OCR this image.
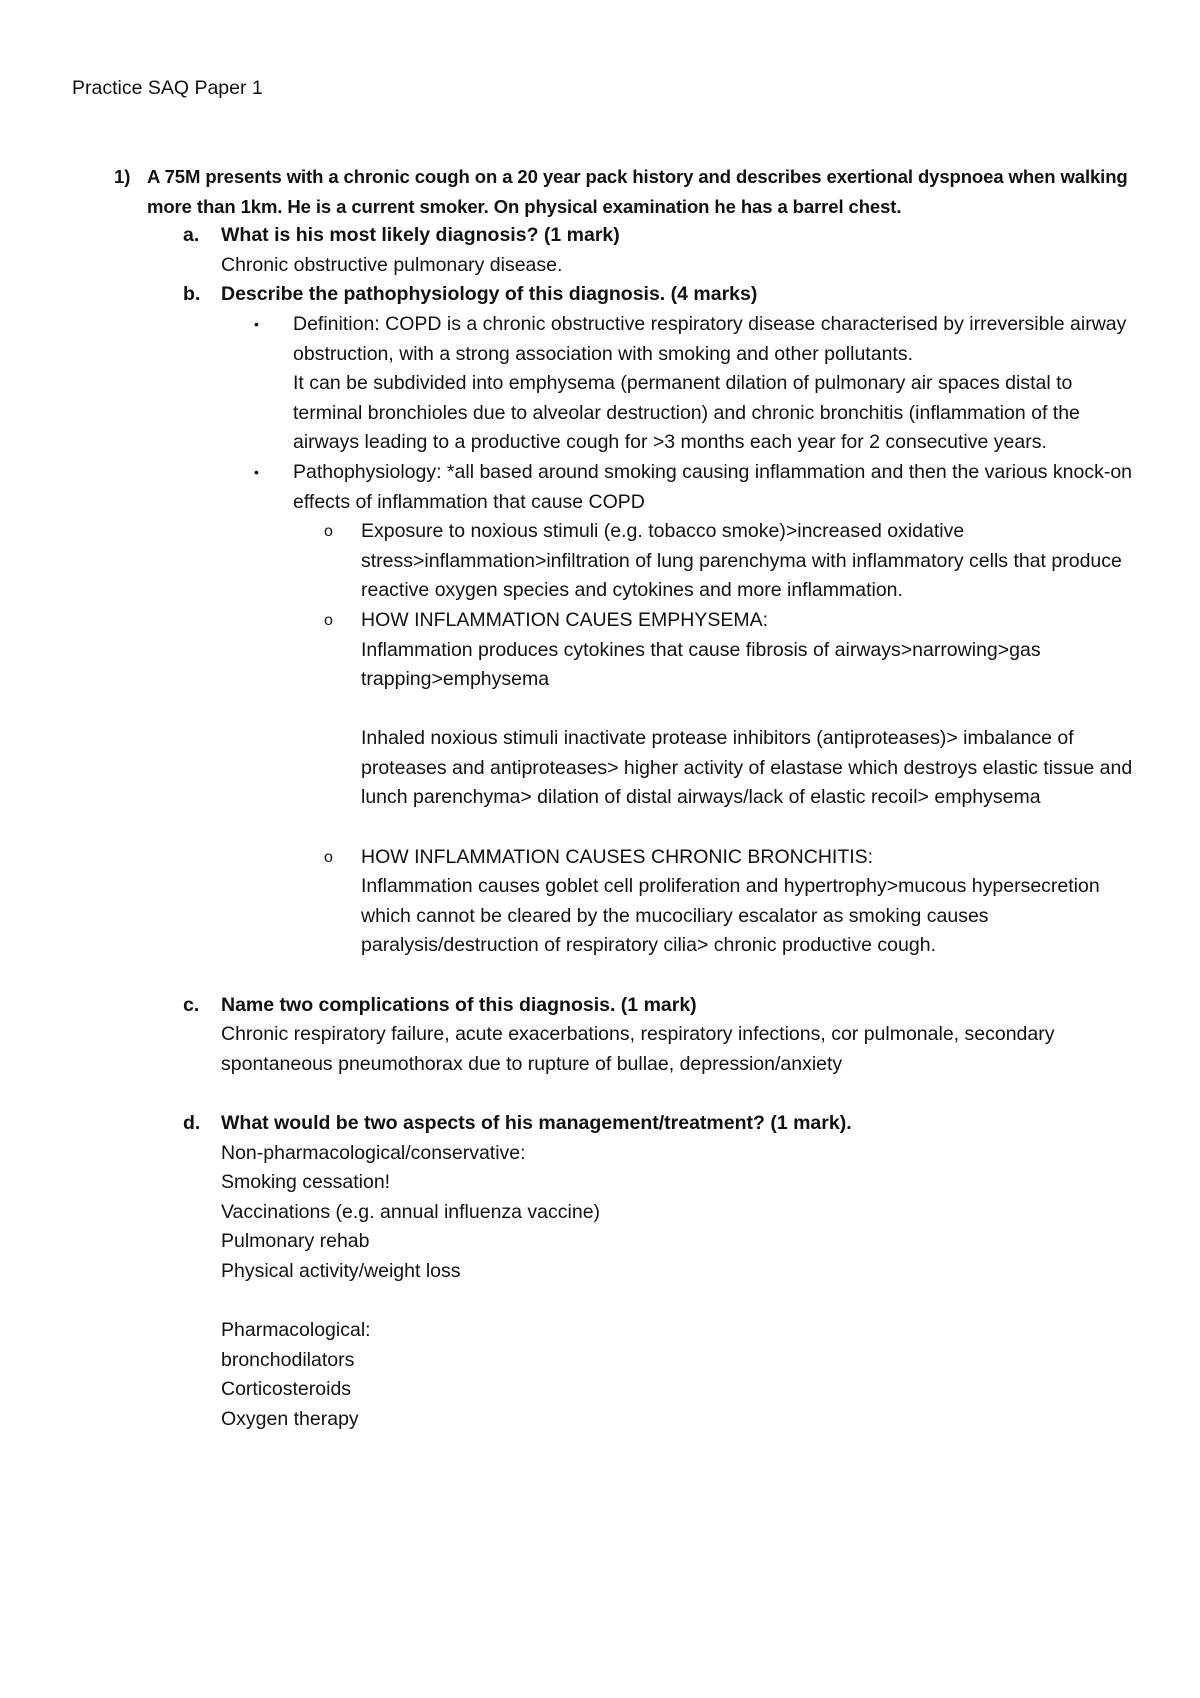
Practice SAQ Paper 1

1) A 75M presents with a chronic cough on a 20 year pack history and describes exertional dyspnoea when walking more than 1km. He is a current smoker. On physical examination he has a barrel chest.

a. What is his most likely diagnosis? (1 mark)

Chronic obstructive pulmonary disease.

b. Describe the pathophysiology of this diagnosis. (4 marks)

• Definition: COPD is a chronic obstructive respiratory disease characterised by irreversible airway obstruction, with a strong association with smoking and other pollutants.

It can be subdivided into emphysema (permanent dilation of pulmonary air spaces distal to terminal bronchioles due to alveolar destruction) and chronic bronchitis (inflammation of the airways leading to a productive cough for >3 months each year for 2 consecutive years.

• Pathophysiology: *all based around smoking causing inflammation and then the various knock-on effects of inflammation that cause COPD

o Exposure to noxious stimuli (e.g. tobacco smoke)>increased oxidative stress>inflammation>infiltration of lung parenchyma with inflammatory cells that produce reactive oxygen species and cytokines and more inflammation.

o HOW INFLAMMATION CAUES EMPHYSEMA:

Inflammation produces cytokines that cause fibrosis of airways>narrowing>gas trapping>emphysema

Inhaled noxious stimuli inactivate protease inhibitors (antiproteases)> imbalance of proteases and antiproteases> higher activity of elastase which destroys elastic tissue and lunch parenchyma> dilation of distal airways/lack of elastic recoil> emphysema

o HOW INFLAMMATION CAUSES CHRONIC BRONCHITIS:

Inflammation causes goblet cell proliferation and hypertrophy>mucous hypersecretion which cannot be cleared by the mucociliary escalator as smoking causes paralysis/destruction of respiratory cilia> chronic productive cough.

c. Name two complications of this diagnosis. (1 mark)

Chronic respiratory failure, acute exacerbations, respiratory infections, cor pulmonale, secondary spontaneous pneumothorax due to rupture of bullae, depression/anxiety

d. What would be two aspects of his management/treatment? (1 mark).

Non-pharmacological/conservative:

Smoking cessation!

Vaccinations (e.g. annual influenza vaccine)

Pulmonary rehab

Physical activity/weight loss

Pharmacological:

bronchodilators

Corticosteroids

Oxygen therapy
